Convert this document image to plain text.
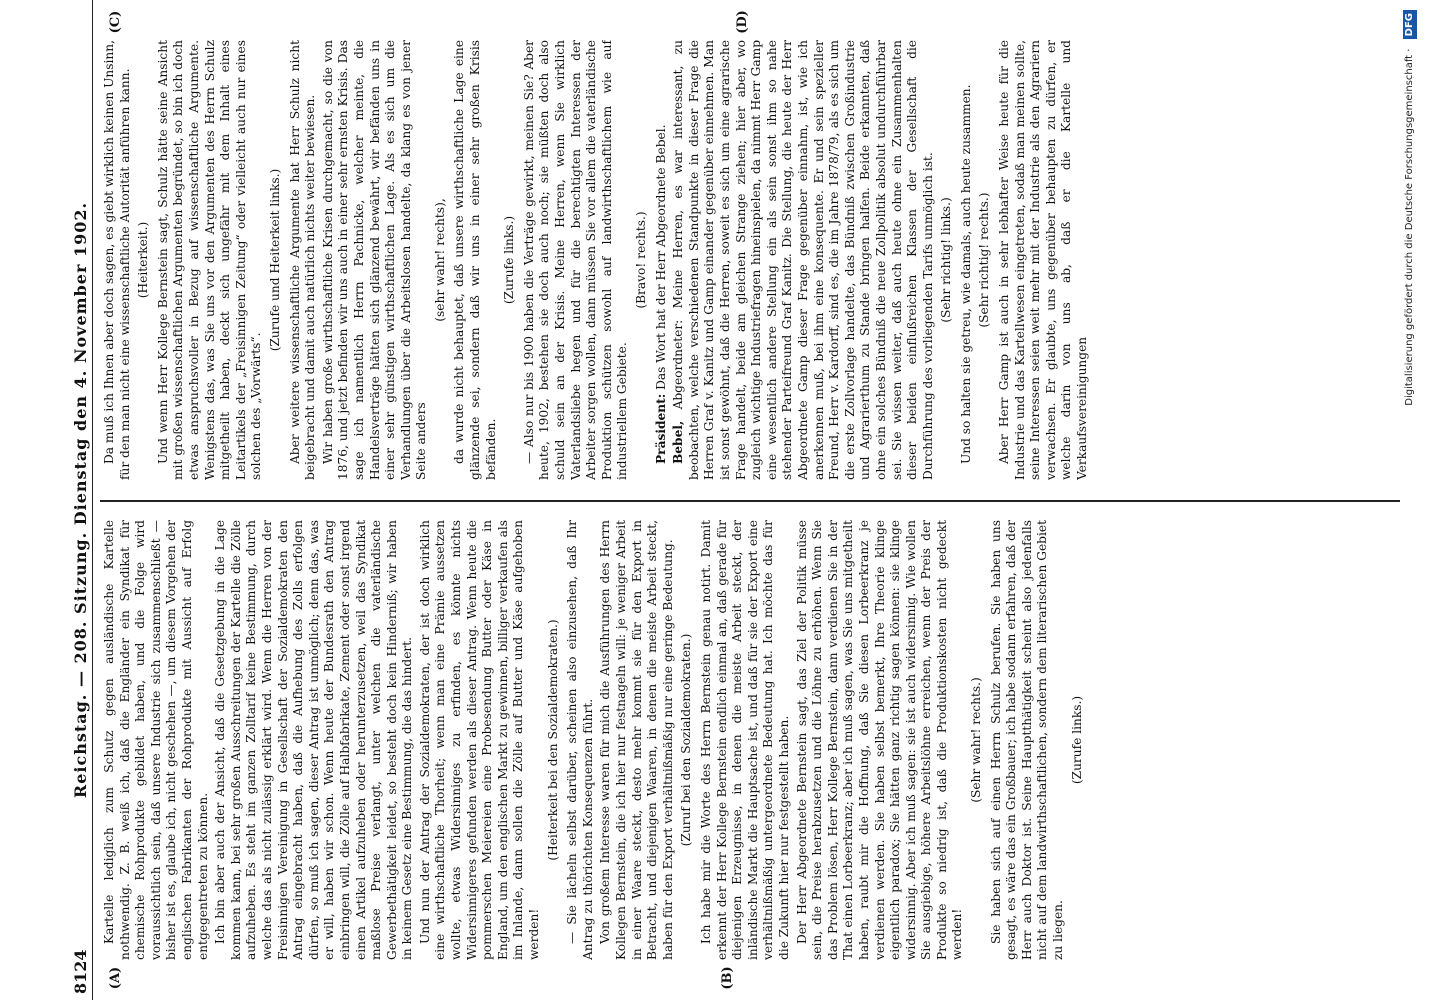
8124
Reichstag. — 208. Sitzung. Dienstag den 4. November 1902.
(A)	(B)
(C)	(D)

Kartelle lediglich zum Schutz gegen ausländische Kartelle nothwendig. Z. B. weiß ich, daß die Engländer ein Syndikat für chemische Rohprodukte gebildet haben, und die Folge wird voraussichtlich sein, daß unsere Industrie sich zusammenschließt — bisher ist es, glaube ich, nicht geschehen —, um diesem Vorgehen der englischen Fabrikanten der Rohprodukte mit Aussicht auf Erfolg entgegentreten zu können. Ich bin aber auch der Ansicht, daß die Gesetzgebung in die Lage kommen kann, bei sehr großen Ausschreitungen der Kartelle die Zölle aufzuheben. Es steht im ganzen Zolltarif keine Bestimmung, durch welche das als nicht zulässig erklärt wird. Wenn die Herren von der Freisinnigen Vereinigung in Gesellschaft der Sozialdemokraten den Antrag eingebracht haben, daß die Aufhebung des Zolls erfolgen dürfen, so muß ich sagen, dieser Antrag ist unmöglich; denn das, was er will, haben wir schon. Wenn heute der Bundesrath den Antrag einbringen will, die Zölle auf Halbfabrikate, Zement oder sonst irgend einen Artikel aufzuheben oder herunterzusetzen, weil das Syndikat maßlose Preise verlangt, unter welchen die vaterländische Gewerbethätigkeit leidet, so besteht doch kein Hinderniß; wir haben in keinem Gesetz eine Bestimmung, die das hindert. Und nun der Antrag der Sozialdemokraten, der ist doch wirklich eine wirthschaftliche Thorheit; wenn man eine Prämie aussetzen wollte, etwas Widersinniges zu erfinden, es könnte nichts Widersinnigeres gefunden werden als dieser Antrag. Wenn heute die pommerschen Meiereien eine Probesendung Butter oder Käse in England, um den englischen Markt zu gewinnen, billiger verkaufen als im Inlande, dann sollen die Zölle auf Butter und Käse aufgehoben werden!

(Heiterkeit bei den Sozialdemokraten.) — Sie lächeln selbst darüber, scheinen also einzusehen, daß Ihr Antrag zu thörichten Konsequenzen führt. Von großem Interesse waren für mich die Ausführungen des Herrn Kollegen Bernstein, die ich hier nur festnageln will: je weniger Arbeit in einer Waare steckt, desto mehr kommt sie für den Export in Betracht, und diejenigen Waaren, in denen die meiste Arbeit steckt, haben für den Export verhältnißmäßig nur eine geringe Bedeutung. (Zuruf bei den Sozialdemokraten.) Ich habe mir die Worte des Herrn Bernstein genau notirt. Damit erkennt der Herr Kollege Bernstein endlich einmal an, daß gerade für diejenigen Erzeugnisse, in denen die meiste Arbeit steckt, der inländische Markt die Hauptsache ist, und daß für sie der Export eine verhältnißmäßig untergeordnete Bedeutung hat. Ich möchte das für die Zukunft hier nur festgestellt haben. Der Herr Abgeordnete Bernstein sagt, das Ziel der Politik müsse sein, die Preise herabzusetzen und die Löhne zu erhöhen. Wenn Sie das Problem lösen, Herr Kollege Bernstein, dann verdienen Sie in der That einen Lorbeerkranz; aber ich muß sagen, was Sie uns mitgetheilt haben, raubt mir die Hoffnung, daß Sie diesen Lorbeerkranz je verdienen werden. Sie haben selbst bemerkt, Ihre Theorie klinge eigentlich paradox; Sie hätten ganz richtig sagen können: sie klinge widersinnig. Aber ich muß sagen: sie ist auch widersinnig. Wie wollen Sie ausgiebige, höhere Arbeitslöhne erreichen, wenn der Preis der Produkte so niedrig ist, daß die Produktionskosten nicht gedeckt werden!

(Sehr wahr! rechts.) Sie haben sich auf einen Herrn Schulz berufen. Sie haben uns gesagt, es wäre das ein Großbauer; ich habe sodann erfahren, daß der Herr auch Doktor ist. Seine Hauptthätigkeit scheint also jedenfalls nicht auf dem landwirthschaftlichen, sondern dem literarischen Gebiet zu liegen.

(Zurufe links.)

Da muß ich Ihnen aber doch sagen, es giebt wirklich keinen Unsinn, für den man nicht eine wissenschaftliche Autorität anführen kann. (Heiterkeit.) Und wenn Herr Kollege Bernstein sagt, Schulz hätte seine Ansicht mit großen wissenschaftlichen Argumenten begründet, so bin ich doch etwas anspruchsvoller in Bezug auf wissenschaftliche Argumente. Wenigstens das, was Sie uns vor den Argumenten des Herrn Schulz mitgetheilt haben, deckt sich ungefähr mit dem Inhalt eines Leitartikels der „Freisinnigen Zeitung“ oder vielleicht auch nur eines solchen des „Vorwärts“.

(Zurufe und Heiterkeit links.) Aber weitere wissenschaftliche Argumente hat Herr Schulz nicht beigebracht und damit auch natürlich nichts weiter bewiesen. Wir haben große wirthschaftliche Krisen durchgemacht, so die von 1876, und jetzt befinden wir uns auch in einer sehr ernsten Krisis. Das sage ich namentlich Herrn Pachnicke, welcher meinte, die Handelsverträge hätten sich glänzend bewährt, wir befänden uns in einer sehr günstigen wirthschaftlichen Lage. Als es sich um die Verhandlungen über die Arbeitslosen handelte, da klang es von jener Seite anders

(sehr wahr! rechts), da wurde nicht behauptet, daß unsere wirthschaftliche Lage eine glänzende sei, sondern daß wir uns in einer sehr großen Krisis befänden.

(Zurufe links.) — Also nur bis 1900 haben die Verträge gewirkt, meinen Sie? Aber heute, 1902, bestehen sie doch auch noch; sie müßten doch also schuld sein an der Krisis. Meine Herren, wenn Sie wirklich Vaterlandsliebe hegen und für die berechtigten Interessen der Arbeiter sorgen wollen, dann müssen Sie vor allem die vaterländische Produktion schützen sowohl auf landwirthschaftlichem wie auf industriellem Gebiete.

(Bravo! rechts.)

Präsident: Das Wort hat der Herr Abgeordnete Bebel.

Bebel, Abgeordneter: Meine Herren, es war interessant, zu beobachten, welche verschiedenen Standpunkte in dieser Frage die Herren Graf v. Kanitz und Gamp einander gegenüber einnehmen. Man ist sonst gewöhnt, daß die Herren, soweit es sich um eine agrarische Frage handelt, beide am gleichen Strange ziehen; hier aber, wo zugleich wichtige Industriefragen hineinspielen, da nimmt Herr Gamp eine wesentlich andere Stellung ein als sein sonst ihm so nahe stehender Parteifreund Graf Kanitz. Die Stellung, die heute der Herr Abgeordnete Gamp dieser Frage gegenüber einnahm, ist, wie ich anerkennen muß, bei ihm eine konsequente. Er und sein spezieller Freund, Herr v. Kardorff, sind es, die im Jahre 1878/79, als es sich um die erste Zollvorlage handelte, das Bündniß zwischen Großindustrie und Agrarierthum zu Stande bringen halfen. Beide erkannten, daß ohne ein solches Bündniß die neue Zollpolitik absolut undurchführbar sei. Sie wissen weiter, daß auch heute ohne ein Zusammenhalten dieser beiden einflußreichen Klassen der Gesellschaft die Durchführung des vorliegenden Tarifs unmöglich ist. (Sehr richtig! links.) Und so halten sie getreu, wie damals, auch heute zusammen. (Sehr richtig! rechts.) Aber Herr Gamp ist auch in sehr lebhafter Weise heute für die Industrie und das Kartellwesen eingetreten, sodaß man meinen sollte, seine Interessen seien weit mehr mit der Industrie als den Agrariern verwachsen. Er glaubte, uns gegenüber behaupten zu dürfen, er welche darin von uns ab, daß er die Kartelle und Verkaufsvereinigungen

Digitalisierung gefördert durch die Deutsche Forschungsgemeinschaft · DFG
